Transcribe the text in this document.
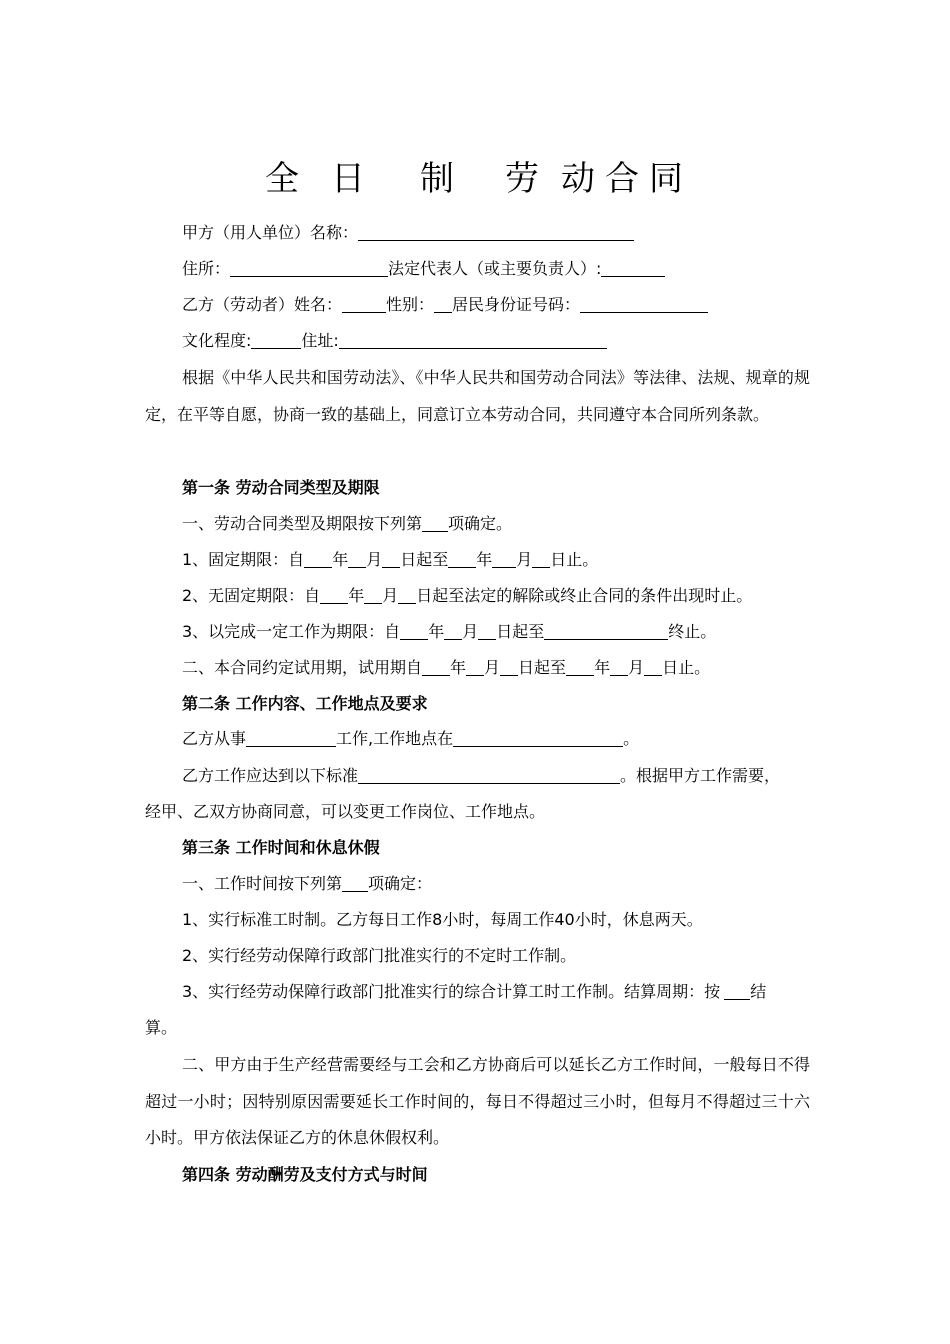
全 日 制 劳 动 合 同
甲方（用人单位）名称：
住所：	法定代表人（或主要负责人）:
乙方（劳动者）姓名：	性别： 居民身份证号码：
文化程度:	住址:
根据《中华人民共和国劳动法》、《中华人民共和国劳动合同法》等法律、法规、规章的规定，在平等自愿，协商一致的基础上，同意订立本劳动合同，共同遵守本合同所列条款。
第一条 劳动合同类型及期限
一、劳动合同类型及期限按下列第 项确定。
1、固定期限：自 年 月 日起至 年 月 日止。
2、无固定期限：自 年 月 日起至法定的解除或终止合同的条件出现时止。
3、以完成一定工作为期限：自 年 月 日起至	终止。
二、本合同约定试用期，试用期自 年 月 日起至 年 月 日止。
第二条 工作内容、工作地点及要求
乙方从事	工作,工作地点在	。
乙方工作应达到以下标准	。根据甲方工作需要，
经甲、乙双方协商同意，可以变更工作岗位、工作地点。
第三条 工作时间和休息休假
一、工作时间按下列第 项确定：
1、实行标准工时制。乙方每日工作8小时，每周工作40小时，休息两天。
2、实行经劳动保障行政部门批准实行的不定时工作制。
3、实行经劳动保障行政部门批准实行的综合计算工时工作制。结算周期：按 结
算。
二、甲方由于生产经营需要经与工会和乙方协商后可以延长乙方工作时间，一般每日不得超过一小时；因特别原因需要延长工作时间的，每日不得超过三小时，但每月不得超过三十六小时。甲方依法保证乙方的休息休假权利。
第四条 劳动酬劳及支付方式与时间
